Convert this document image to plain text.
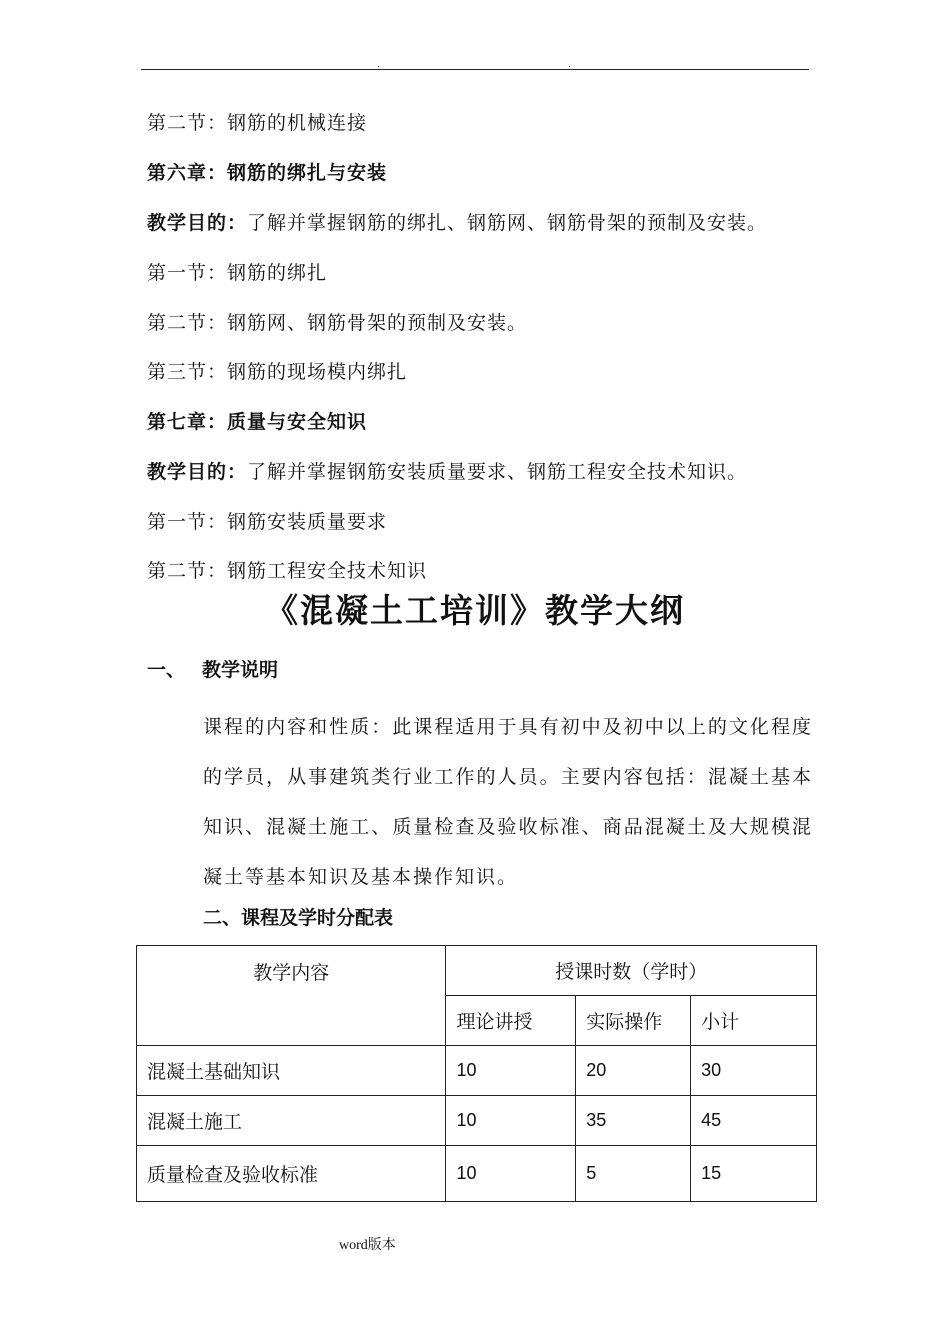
.	.
第二节：钢筋的机械连接
第六章：钢筋的绑扎与安装
教学目的：了解并掌握钢筋的绑扎、钢筋网、钢筋骨架的预制及安装。
第一节：钢筋的绑扎
第二节：钢筋网、钢筋骨架的预制及安装。
第三节：钢筋的现场模内绑扎
第七章：质量与安全知识
教学目的：了解并掌握钢筋安装质量要求、钢筋工程安全技术知识。
第一节：钢筋安装质量要求
第二节：钢筋工程安全技术知识
《混凝土工培训》教学大纲
一、 教学说明
课程的内容和性质：此课程适用于具有初中及初中以上的文化程度的学员，从事建筑类行业工作的人员。主要内容包括：混凝土基本知识、混凝土施工、质量检查及验收标准、商品混凝土及大规模混凝土等基本知识及基本操作知识。
二、课程及学时分配表
教学内容	授课时数（学时）		
	理论讲授	实际操作	小计
混凝土基础知识	10	20	30
混凝土施工	10	35	45
质量检查及验收标准	10	5	15
word版本
